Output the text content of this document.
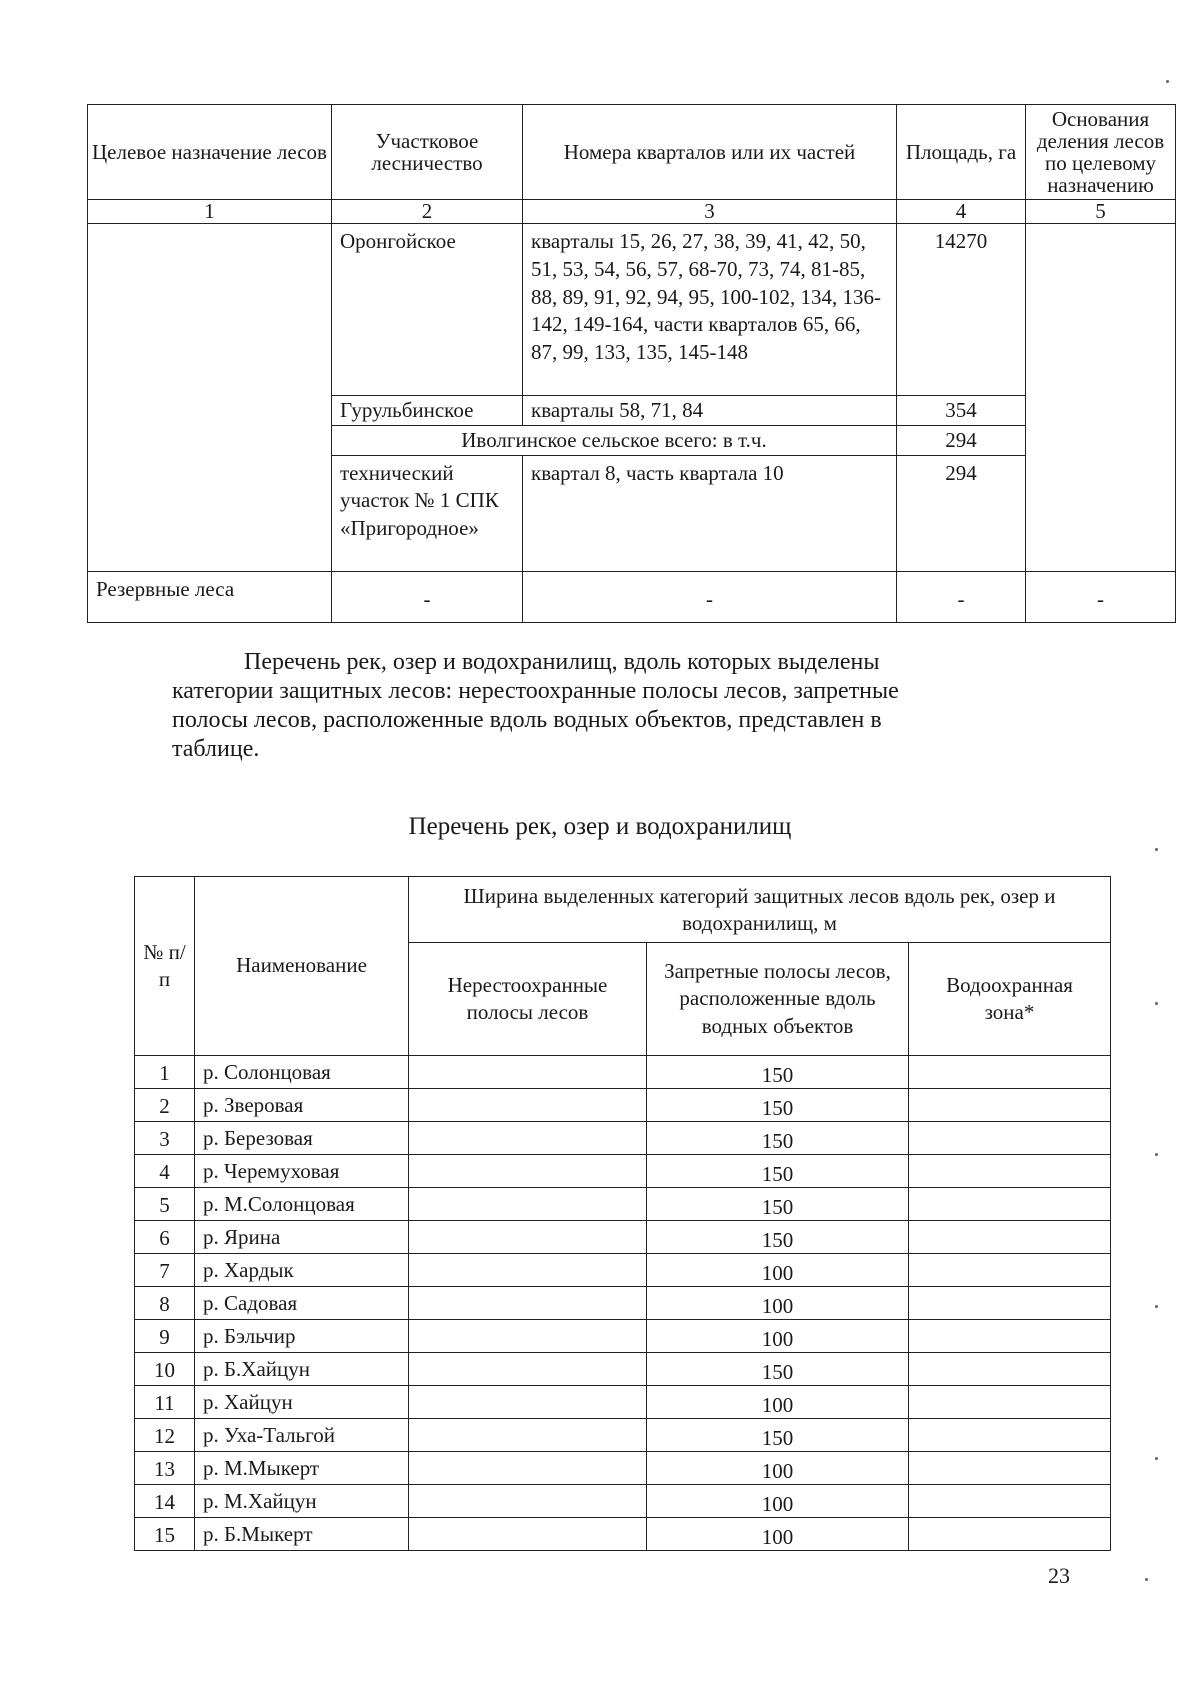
Целевое назначение лесов	Участковое лесничество	Номера кварталов или их частей	Площадь, га	Основания деления лесов по целевому назначению
1	2	3	4	5
	Оронгойское	кварталы 15, 26, 27, 38, 39, 41, 42, 50, 51, 53, 54, 56, 57, 68-70, 73, 74, 81-85, 88, 89, 91, 92, 94, 95, 100-102, 134, 136-142, 149-164, части кварталов 65, 66, 87, 99, 133, 135, 145-148	14270	
	Гурульбинское	кварталы 58, 71, 84	354	
	Иволгинское сельское всего: в т.ч.		294	
	технический участок № 1 СПК «Пригородное»	квартал 8, часть квартала 10	294	
Резервные леса	-	-	-	-
Перечень рек, озер и водохранилищ, вдоль которых выделены
категории защитных лесов: нерестоохранные полосы лесов, запретные
полосы лесов, расположенные вдоль водных объектов, представлен в
таблице.
Перечень рек, озер и водохранилищ
№ п/п	Наименование	Ширина выделенных категорий защитных лесов вдоль рек, озер и водохранилищ, м		
		Нерестоохранные полосы лесов	Запретные полосы лесов, расположенные вдоль водных объектов	Водоохранная зона*
1	р. Солонцовая		150	
2	р. Зверовая		150	
3	р. Березовая		150	
4	р. Черемуховая		150	
5	р. М.Солонцовая		150	
6	р. Ярина		150	
7	р. Хардык		100	
8	р. Садовая		100	
9	р. Бэльчир		100	
10	р. Б.Хайцун		150	
11	р. Хайцун		100	
12	р. Уха-Тальгой		150	
13	р. М.Мыкерт		100	
14	р. М.Хайцун		100	
15	р. Б.Мыкерт		100	
23
